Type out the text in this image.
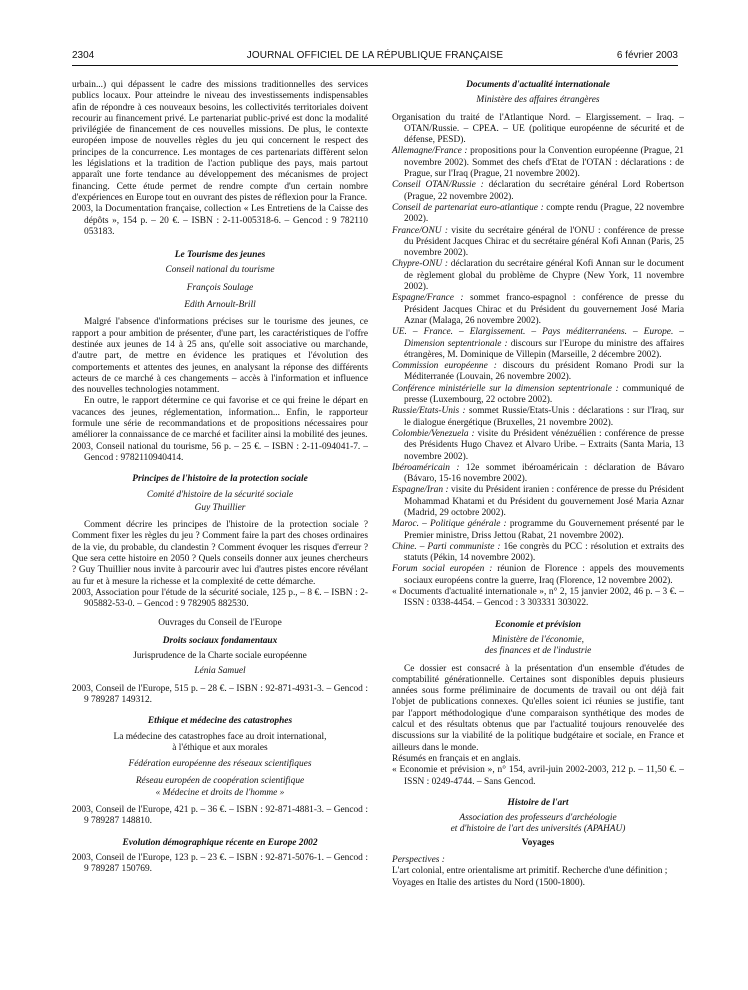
2304	JOURNAL OFFICIEL DE LA RÉPUBLIQUE FRANÇAISE	6 février 2003

urbain...) qui dépassent le cadre des missions traditionnelles des services publics locaux. Pour atteindre le niveau des investissements indispensables afin de répondre à ces nouveaux besoins, les collectivités territoriales doivent recourir au financement privé. Le partenariat public-privé est donc la modalité privilégiée de financement de ces nouvelles missions. De plus, le contexte européen impose de nouvelles règles du jeu qui concernent le respect des principes de la concurrence. Les montages de ces partenariats diffèrent selon les législations et la tradition de l'action publique des pays, mais partout apparaît une forte tendance au développement des mécanismes de project financing. Cette étude permet de rendre compte d'un certain nombre d'expériences en Europe tout en ouvrant des pistes de réflexion pour la France.

2003, la Documentation française, collection « Les Entretiens de la Caisse des dépôts », 154 p. – 20 €. – ISBN : 2-11-005318-6. – Gencod : 9 782110 053183.

Le Tourisme des jeunes

Conseil national du tourisme

François Soulage

Edith Arnoult-Brill

Malgré l'absence d'informations précises sur le tourisme des jeunes, ce rapport a pour ambition de présenter, d'une part, les caractéristiques de l'offre destinée aux jeunes de 14 à 25 ans, qu'elle soit associative ou marchande, d'autre part, de mettre en évidence les pratiques et l'évolution des comportements et attentes des jeunes, en analysant la réponse des différents acteurs de ce marché à ces changements – accès à l'information et influence des nouvelles technologies notamment.

En outre, le rapport détermine ce qui favorise et ce qui freine le départ en vacances des jeunes, réglementation, information... Enfin, le rapporteur formule une série de recommandations et de propositions nécessaires pour améliorer la connaissance de ce marché et faciliter ainsi la mobilité des jeunes.

2003, Conseil national du tourisme, 56 p. – 25 €. – ISBN : 2-11-094041-7. – Gencod : 9782110940414.

Principes de l'histoire de la protection sociale

Comité d'histoire de la sécurité sociale

Guy Thuillier

Comment décrire les principes de l'histoire de la protection sociale ? Comment fixer les règles du jeu ? Comment faire la part des choses ordinaires de la vie, du probable, du clandestin ? Comment évoquer les risques d'erreur ? Que sera cette histoire en 2050 ? Quels conseils donner aux jeunes chercheurs ? Guy Thuillier nous invite à parcourir avec lui d'autres pistes encore révélant au fur et à mesure la richesse et la complexité de cette démarche.

2003, Association pour l'étude de la sécurité sociale, 125 p., – 8 €. – ISBN : 2-905882-53-0. – Gencod : 9 782905 882530.

Ouvrages du Conseil de l'Europe

Droits sociaux fondamentaux

Jurisprudence de la Charte sociale européenne

Lénia Samuel

2003, Conseil de l'Europe, 515 p. – 28 €. – ISBN : 92-871-4931-3. – Gencod : 9 789287 149312.

Ethique et médecine des catastrophes

La médecine des catastrophes face au droit international,

à l'éthique et aux morales

Fédération européenne des réseaux scientifiques

Réseau européen de coopération scientifique

« Médecine et droits de l'homme »

2003, Conseil de l'Europe, 421 p. – 36 €. – ISBN : 92-871-4881-3. – Gencod : 9 789287 148810.

Evolution démographique récente en Europe 2002

2003, Conseil de l'Europe, 123 p. – 23 €. – ISBN : 92-871-5076-1. – Gencod : 9 789287 150769.

Documents d'actualité internationale

Ministère des affaires étrangères

Organisation du traité de l'Atlantique Nord. – Elargissement. – Iraq. – OTAN/Russie. – CPEA. – UE (politique européenne de sécurité et de défense, PESD).

Allemagne/France : propositions pour la Convention européenne (Prague, 21 novembre 2002). Sommet des chefs d'Etat de l'OTAN : déclarations : de Prague, sur l'Iraq (Prague, 21 novembre 2002).

Conseil OTAN/Russie : déclaration du secrétaire général Lord Robertson (Prague, 22 novembre 2002).

Conseil de partenariat euro-atlantique : compte rendu (Prague, 22 novembre 2002).

France/ONU : visite du secrétaire général de l'ONU : conférence de presse du Président Jacques Chirac et du secrétaire général Kofi Annan (Paris, 25 novembre 2002).

Chypre-ONU : déclaration du secrétaire général Kofi Annan sur le document de règlement global du problème de Chypre (New York, 11 novembre 2002).

Espagne/France : sommet franco-espagnol : conférence de presse du Président Jacques Chirac et du Président du gouvernement José Maria Aznar (Malaga, 26 novembre 2002).

UE. – France. – Elargissement. – Pays méditerranéens. – Europe. – Dimension septentrionale : discours sur l'Europe du ministre des affaires étrangères, M. Dominique de Villepin (Marseille, 2 décembre 2002).

Commission européenne : discours du président Romano Prodi sur la Méditerranée (Louvain, 26 novembre 2002).

Conférence ministérielle sur la dimension septentrionale : communiqué de presse (Luxembourg, 22 octobre 2002).

Russie/Etats-Unis : sommet Russie/Etats-Unis : déclarations : sur l'Iraq, sur le dialogue énergétique (Bruxelles, 21 novembre 2002).

Colombie/Venezuela : visite du Président vénézuélien : conférence de presse des Présidents Hugo Chavez et Alvaro Uribe. – Extraits (Santa Maria, 13 novembre 2002).

Ibéroaméricain : 12e sommet ibéroaméricain : déclaration de Bávaro (Bávaro, 15-16 novembre 2002).

Espagne/Iran : visite du Président iranien : conférence de presse du Président Mohammad Khatami et du Président du gouvernement José Maria Aznar (Madrid, 29 octobre 2002).

Maroc. – Politique générale : programme du Gouvernement présenté par le Premier ministre, Driss Jettou (Rabat, 21 novembre 2002).

Chine. – Parti communiste : 16e congrès du PCC : résolution et extraits des statuts (Pékin, 14 novembre 2002).

Forum social européen : réunion de Florence : appels des mouvements sociaux européens contre la guerre, Iraq (Florence, 12 novembre 2002).

« Documents d'actualité internationale », n° 2, 15 janvier 2002, 46 p. – 3 €. – ISSN : 0338-4454. – Gencod : 3 303331 303022.

Economie et prévision

Ministère de l'économie,

des finances et de l'industrie

Ce dossier est consacré à la présentation d'un ensemble d'études de comptabilité générationnelle. Certaines sont disponibles depuis plusieurs années sous forme préliminaire de documents de travail ou ont déjà fait l'objet de publications connexes. Qu'elles soient ici réunies se justifie, tant par l'apport méthodologique d'une comparaison synthétique des modes de calcul et des résultats obtenus que par l'actualité toujours renouvelée des discussions sur la viabilité de la politique budgétaire et sociale, en France et ailleurs dans le monde.

Résumés en français et en anglais.

« Economie et prévision », n° 154, avril-juin 2002-2003, 212 p. – 11,50 €. – ISSN : 0249-4744. – Sans Gencod.

Histoire de l'art

Association des professeurs d'archéologie

et d'histoire de l'art des universités (APAHAU)

Voyages

Perspectives :

L'art colonial, entre orientalisme art primitif. Recherche d'une définition ;

Voyages en Italie des artistes du Nord (1500-1800).
